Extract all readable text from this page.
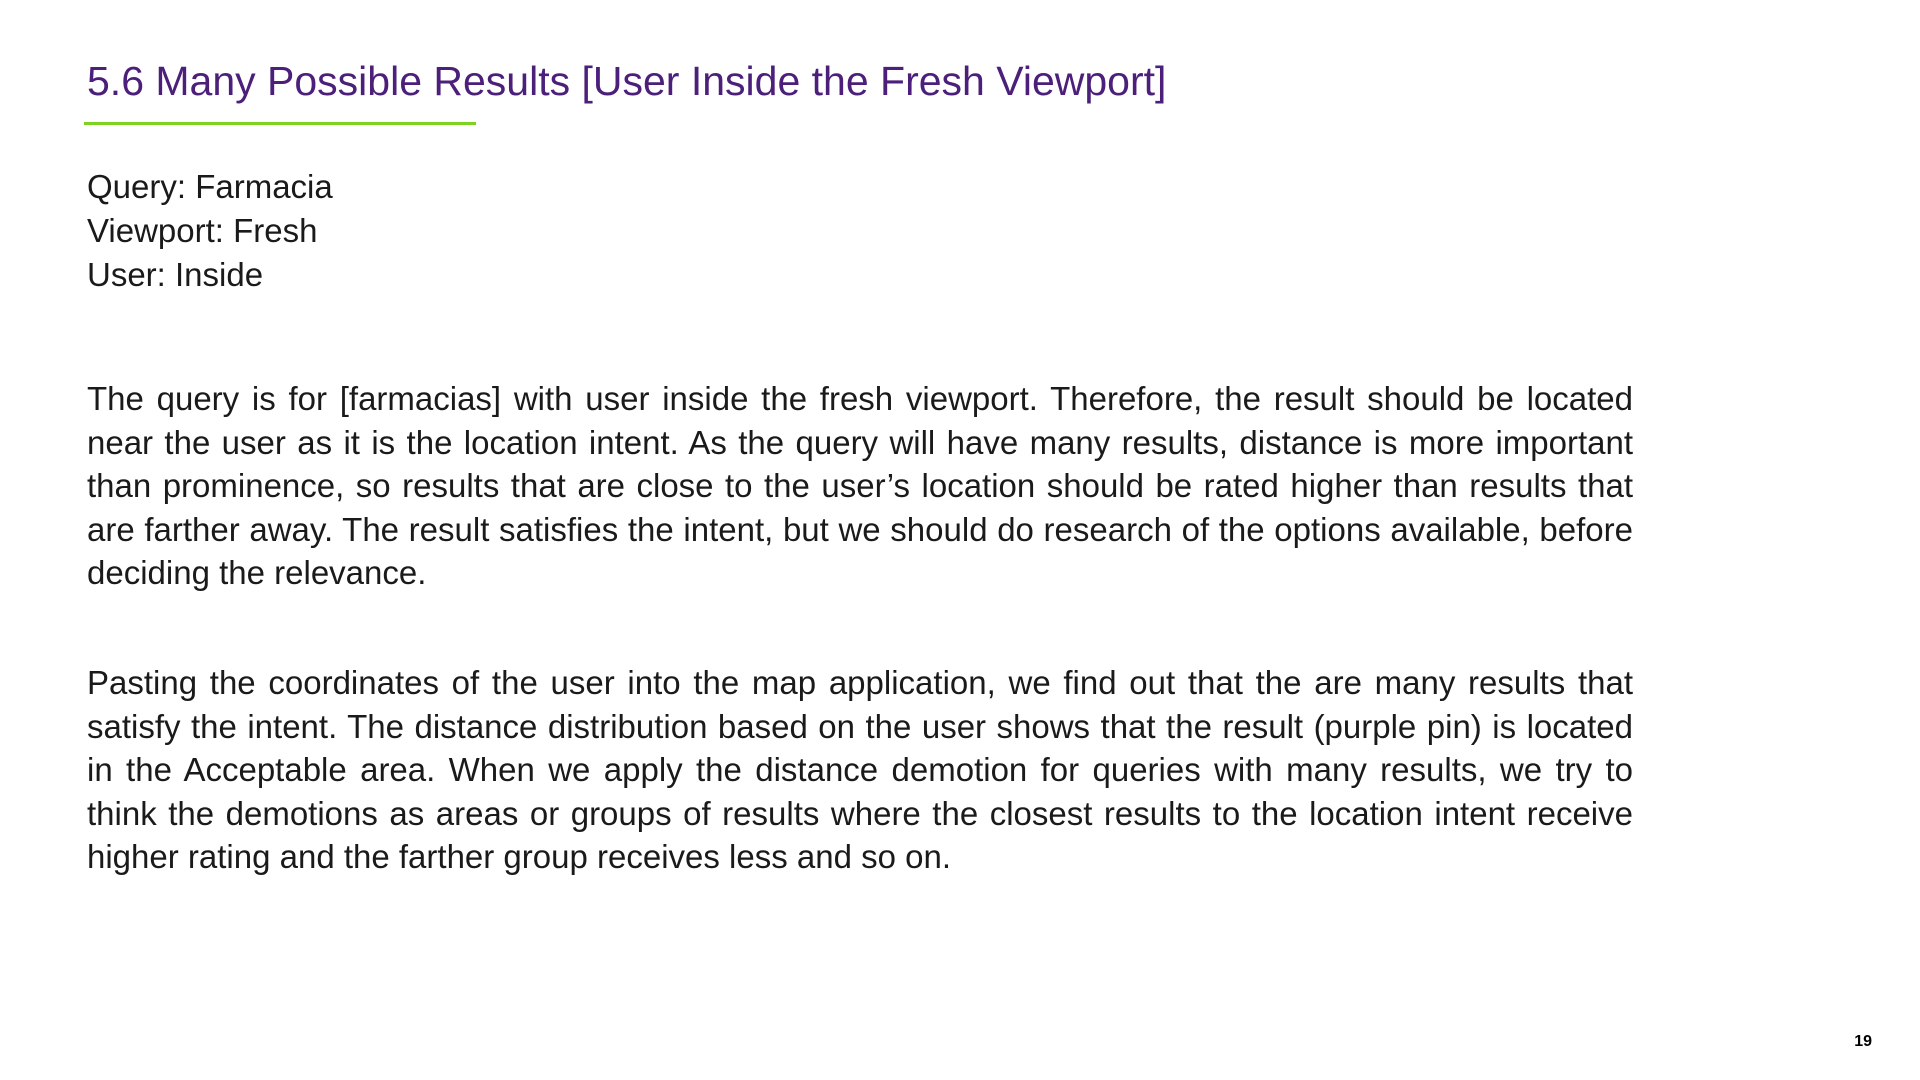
5.6 Many Possible Results [User Inside the Fresh Viewport]
Query: Farmacia
Viewport: Fresh
User: Inside

The query is for [farmacias] with user inside the fresh viewport. Therefore, the result should be located near the user as it is the location intent. As the query will have many results, distance is more important than prominence, so results that are close to the user’s location should be rated higher than results that are farther away. The result satisfies the intent, but we should do research of the options available, before deciding the relevance.

Pasting the coordinates of the user into the map application, we find out that the are many results that satisfy the intent. The distance distribution based on the user shows that the result (purple pin) is located in the Acceptable area. When we apply the distance demotion for queries with many results, we try to think the demotions as areas or groups of results where the closest results to the location intent receive higher rating and the farther group receives less and so on.

19
